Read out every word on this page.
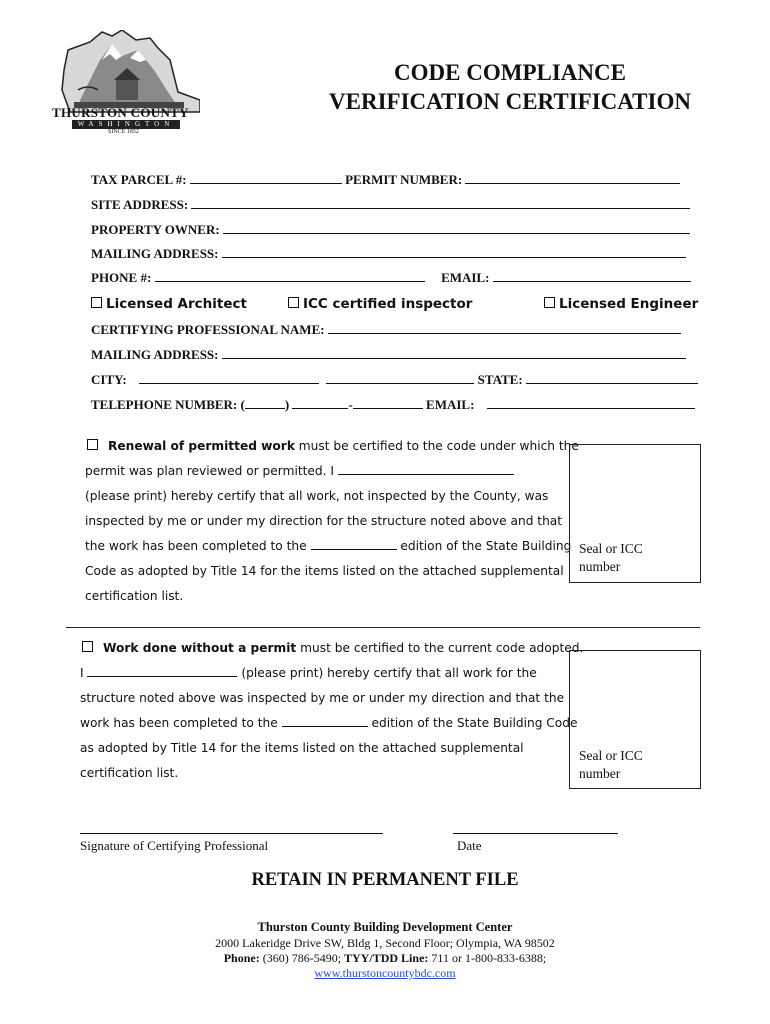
THURSTON COUNTY
WASHINGTON
SINCE 1852
CODE COMPLIANCE
VERIFICATION CERTIFICATION
TAX PARCEL #:	PERMIT NUMBER:
SITE ADDRESS:
PROPERTY OWNER:
MAILING ADDRESS:
PHONE #:	EMAIL:
Licensed Architect	ICC certified inspector	Licensed Engineer
CERTIFYING PROFESSIONAL NAME:
MAILING ADDRESS:
CITY:	STATE:
TELEPHONE NUMBER: (	)	-	EMAIL:
Renewal of permitted work must be certified to the code under which the
permit was plan reviewed or permitted. I
(please print) hereby certify that all work, not inspected by the County, was
inspected by me or under my direction for the structure noted above and that
the work has been completed to the	edition of the State Building
Code as adopted by Title 14 for the items listed on the attached supplemental
certification list.
Seal or ICC
number
Work done without a permit must be certified to the current code adopted.
I	(please print) hereby certify that all work for the
structure noted above was inspected by me or under my direction and that the
work has been completed to the	edition of the State Building Code
as adopted by Title 14 for the items listed on the attached supplemental
certification list.
Seal or ICC
number
Signature of Certifying Professional	Date
RETAIN IN PERMANENT FILE
Thurston County Building Development Center
2000 Lakeridge Drive SW, Bldg 1, Second Floor; Olympia, WA 98502
Phone: (360) 786-5490; TYY/TDD Line: 711 or 1-800-833-6388;
www.thurstoncountybdc.com
